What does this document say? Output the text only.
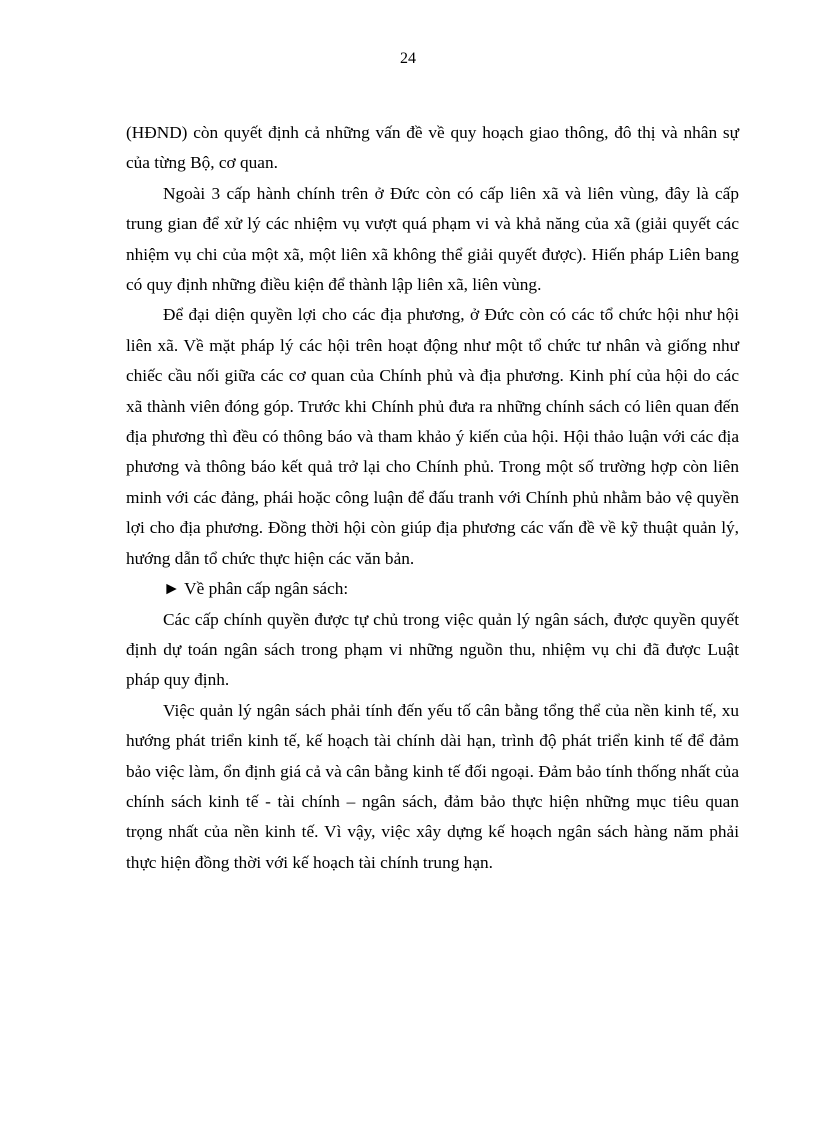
24

(HĐND) còn quyết định cả những vấn đề về quy hoạch giao thông, đô thị và nhân sự của từng Bộ, cơ quan.

Ngoài 3 cấp hành chính trên ở Đức còn có cấp liên xã và liên vùng, đây là cấp trung gian để xử lý các nhiệm vụ vượt quá phạm vi và khả năng của xã (giải quyết các nhiệm vụ chi của một xã, một liên xã không thể giải quyết được). Hiến pháp Liên bang có quy định những điều kiện để thành lập liên xã, liên vùng.

Để đại diện quyền lợi cho các địa phương, ở Đức còn có các tổ chức hội như hội liên xã. Về mặt pháp lý các hội trên hoạt động như một tổ chức tư nhân và giống như chiếc cầu nối giữa các cơ quan của Chính phủ và địa phương. Kinh phí của hội do các xã thành viên đóng góp. Trước khi Chính phủ đưa ra những chính sách có liên quan đến địa phương thì đều có thông báo và tham khảo ý kiến của hội. Hội thảo luận với các địa phương và thông báo kết quả trở lại cho Chính phủ. Trong một số trường hợp còn liên minh với các đảng, phái hoặc công luận để đấu tranh với Chính phủ nhằm bảo vệ quyền lợi cho địa phương. Đồng thời hội còn giúp địa phương các vấn đề về kỹ thuật quản lý, hướng dẫn tổ chức thực hiện các văn bản.

► Về phân cấp ngân sách:

Các cấp chính quyền được tự chủ trong việc quản lý ngân sách, được quyền quyết định dự toán ngân sách trong phạm vi những nguồn thu, nhiệm vụ chi đã được Luật pháp quy định.

Việc quản lý ngân sách phải tính đến yếu tố cân bằng tổng thể của nền kinh tế, xu hướng phát triển kinh tế, kế hoạch tài chính dài hạn, trình độ phát triển kinh tế để đảm bảo việc làm, ổn định giá cả và cân bằng kinh tế đối ngoại. Đảm bảo tính thống nhất của chính sách kinh tế - tài chính – ngân sách, đảm bảo thực hiện những mục tiêu quan trọng nhất của nền kinh tế. Vì vậy, việc xây dựng kế hoạch ngân sách hàng năm phải thực hiện đồng thời với kế hoạch tài chính trung hạn.
